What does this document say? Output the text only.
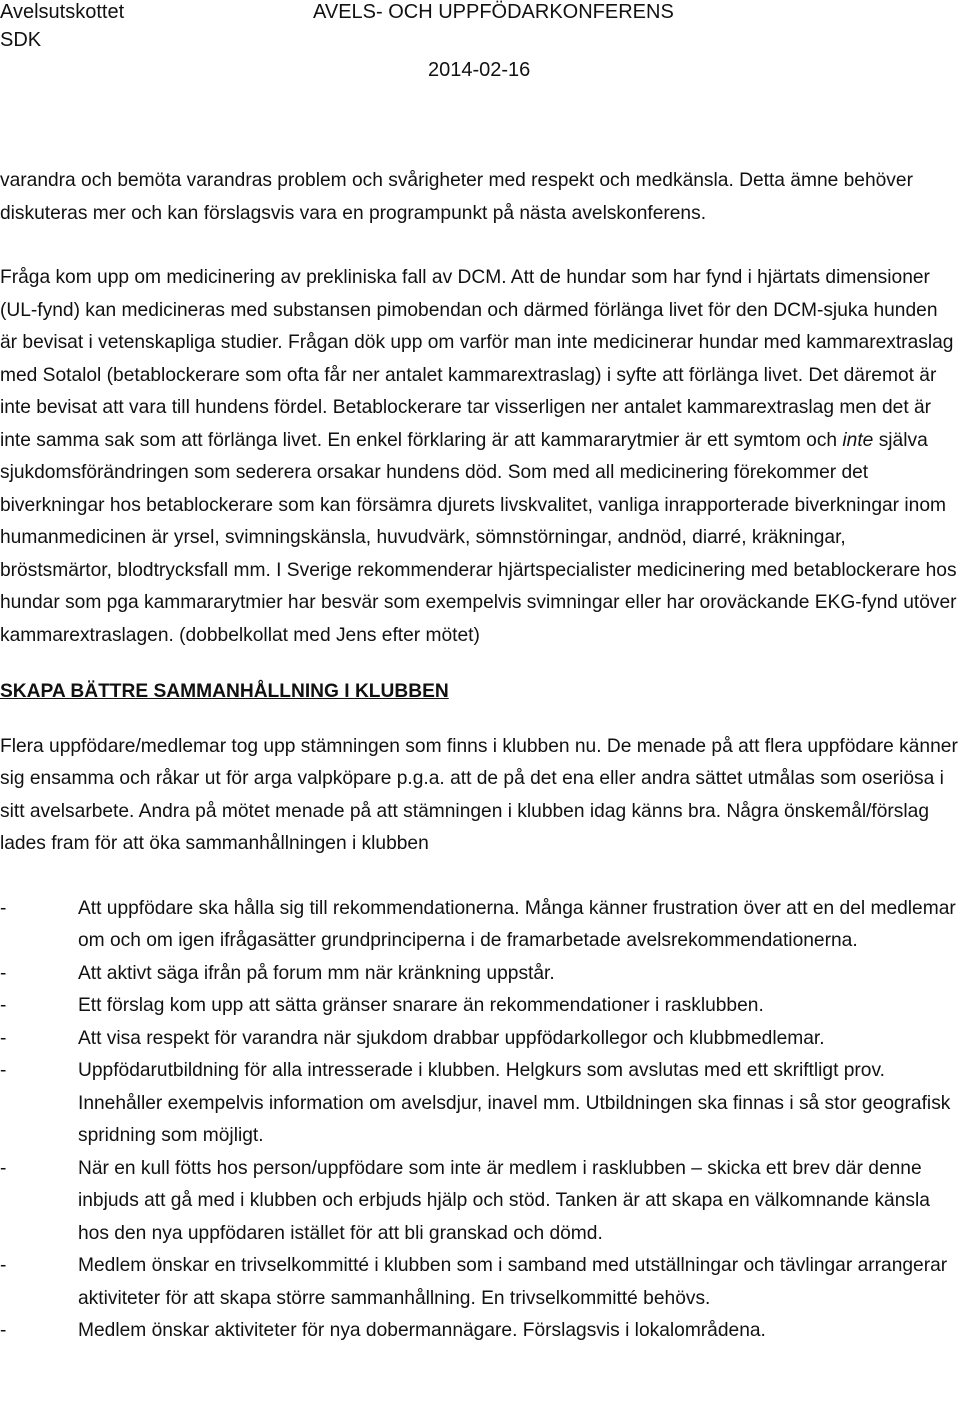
Avelsutskottet
SDK
AVELS- OCH UPPFÖDARKONFERENS
2014-02-16

varandra och bemöta varandras problem och svårigheter med respekt och medkänsla. Detta ämne behöver diskuteras mer och kan förslagsvis vara en programpunkt på nästa avelskonferens.

Fråga kom upp om medicinering av prekliniska fall av DCM. Att de hundar som har fynd i hjärtats dimensioner (UL-fynd) kan medicineras med substansen pimobendan och därmed förlänga livet för den DCM-sjuka hunden är bevisat i vetenskapliga studier. Frågan dök upp om varför man inte medicinerar hundar med kammarextraslag med Sotalol (betablockerare som ofta får ner antalet kammarextraslag) i syfte att förlänga livet. Det däremot är inte bevisat att vara till hundens fördel. Betablockerare tar visserligen ner antalet kammarextraslag men det är inte samma sak som att förlänga livet. En enkel förklaring är att kammararytmier är ett symtom och inte själva sjukdomsförändringen som sederera orsakar hundens död. Som med all medicinering förekommer det biverkningar hos betablockerare som kan försämra djurets livskvalitet, vanliga inrapporterade biverkningar inom humanmedicinen är yrsel, svimningskänsla, huvudvärk, sömnstörningar, andnöd, diarré, kräkningar, bröstsmärtor, blodtrycksfall mm. I Sverige rekommenderar hjärtspecialister medicinering med betablockerare hos hundar som pga kammararytmier har besvär som exempelvis svimningar eller har oroväckande EKG-fynd utöver kammarextraslagen. (dobbelkollat med Jens efter mötet)

SKAPA BÄTTRE SAMMANHÅLLNING I KLUBBEN

Flera uppfödare/medlemar tog upp stämningen som finns i klubben nu. De menade på att flera uppfödare känner sig ensamma och råkar ut för arga valpköpare p.g.a. att de på det ena eller andra sättet utmålas som oseriösa i sitt avelsarbete. Andra på mötet menade på att stämningen i klubben idag känns bra. Några önskemål/förslag lades fram för att öka sammanhållningen i klubben

-	Att uppfödare ska hålla sig till rekommendationerna. Många känner frustration över att en del medlemar om och om igen ifrågasätter grundprinciperna i de framarbetade avelsrekommendationerna.
-	Att aktivt säga ifrån på forum mm när kränkning uppstår.
-	Ett förslag kom upp att sätta gränser snarare än rekommendationer i rasklubben.
-	Att visa respekt för varandra när sjukdom drabbar uppfödarkollegor och klubbmedlemar.
-	Uppfödarutbildning för alla intresserade i klubben. Helgkurs som avslutas med ett skriftligt prov. Innehåller exempelvis information om avelsdjur, inavel mm. Utbildningen ska finnas i så stor geografisk spridning som möjligt.
-	När en kull fötts hos person/uppfödare som inte är medlem i rasklubben – skicka ett brev där denne inbjuds att gå med i klubben och erbjuds hjälp och stöd. Tanken är att skapa en välkomnande känsla hos den nya uppfödaren istället för att bli granskad och dömd.
-	Medlem önskar en trivselkommitté i klubben som i samband med utställningar och tävlingar arrangerar aktiviteter för att skapa större sammanhållning. En trivselkommitté behövs.
-	Medlem önskar aktiviteter för nya dobermannägare. Förslagsvis i lokalområdena.
